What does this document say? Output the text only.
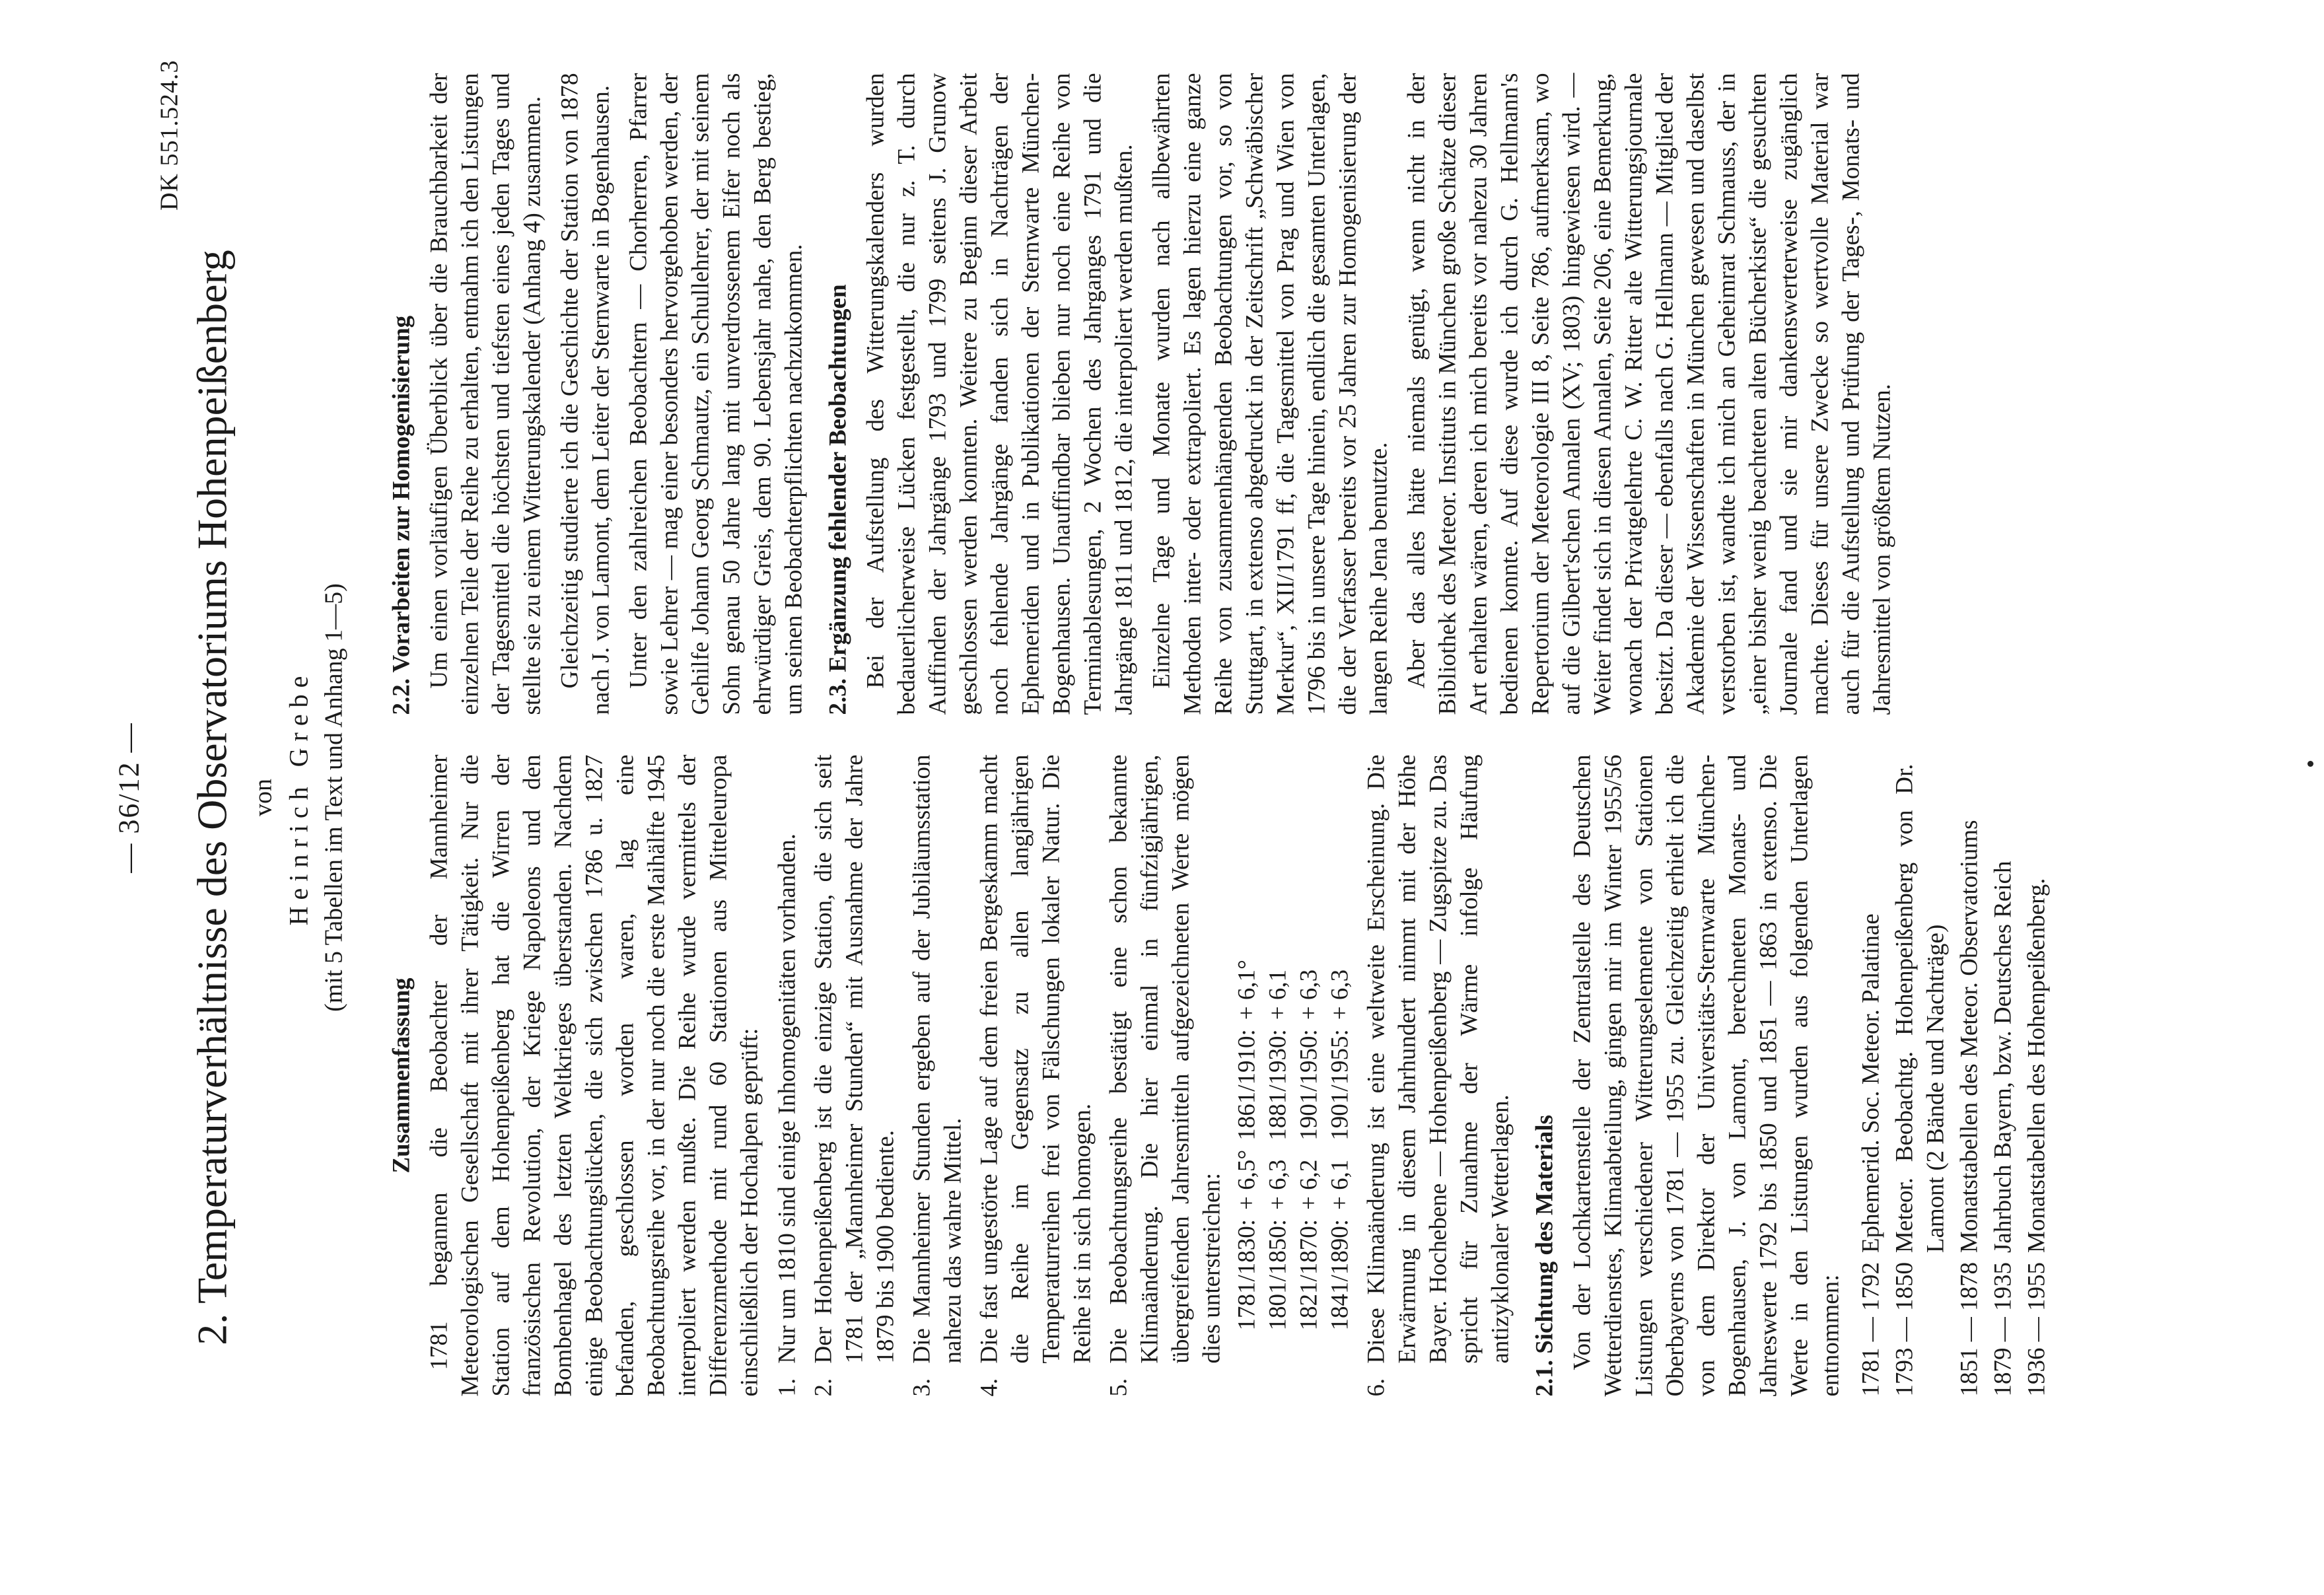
DK 551.524.3
— 36/12 — 2. Temperaturverhältnisse des Observatoriums Hohenpeißenberg von Heinrich Grebe (mit 5 Tabellen im Text und Anhang 1—5)
Zusammenfassung 1781 begannen die Beobachter der Mannheimer Meteorologischen Gesellschaft mit ihrer Tätigkeit. Nur die Station auf dem Hohenpeißenberg hat die Wirren der französischen Revolution, der Kriege Napoleons und den Bombenhagel des letzten Weltkrieges überstanden. Nachdem einige Beobachtungslücken, die sich zwischen 1786 u. 1827 befanden, geschlossen worden waren, lag eine Beobachtungsreihe vor, in der nur noch die erste Maihälfte 1945 interpoliert werden mußte. Die Reihe wurde vermittels der Differenzmethode mit rund 60 Stationen aus Mitteleuropa einschließlich der Hochalpen geprüft: 1.
Nur um 1810 sind einige Inhomogenitäten vorhanden.
2.
Der Hohenpeißenberg ist die einzige Station, die sich seit 1781 der „Mannheimer Stunden“ mit Ausnahme der Jahre 1879 bis 1900 bediente.
3.
Die Mannheimer Stunden ergeben auf der Jubiläumsstation nahezu das wahre Mittel.
4.
Die fast ungestörte Lage auf dem freien Bergeskamm macht die Reihe im Gegensatz zu allen langjährigen Temperaturreihen frei von Fälschungen lokaler Natur. Die Reihe ist in sich homogen.
5.
Die Beobachtungsreihe bestätigt eine schon bekannte Klimaänderung. Die hier einmal in fünfzigjährigen, übergreifenden Jahresmitteln aufgezeichneten Werte mögen dies unterstreichen: 1781/1830:	+ 6,5°	1861/1910:	+ 6,1°
1801/1850:	+ 6,3	1881/1930:	+ 6,1
1821/1870:	+ 6,2	1901/1950:	+ 6,3
1841/1890:	+ 6,1	1901/1955:	+ 6,3
6.
Diese Klimaänderung ist eine weltweite Erscheinung. Die Erwärmung in diesem Jahrhundert nimmt mit der Höhe Bayer. Hochebene — Hohenpeißenberg — Zugspitze zu. Das spricht für Zunahme der Wärme infolge Häufung antizyklonaler Wetterlagen. 2.1. Sichtung des Materials Von der Lochkartenstelle der Zentralstelle des Deutschen Wetterdienstes, Klimaabteilung, gingen mir im Winter 1955/56 Listungen verschiedener Witterungselemente von Stationen Oberbayerns von 1781 — 1955 zu. Gleichzeitig erhielt ich die von dem Direktor der Universitäts-Sternwarte München-Bogenhausen, J. von Lamont, berechneten Monats- und Jahreswerte 1792 bis 1850 und 1851 — 1863 in extenso. Die Werte in den Listungen wurden aus folgenden Unterlagen entnommen: 1781 — 1792	Ephemerid. Soc. Meteor. Palatinae
1793 — 1850	Meteor. Beobachtg. Hohenpeißenberg von Dr. Lamont (2 Bände und Nachträge)
1851 — 1878	Monatstabellen des Meteor. Observatoriums
1879 — 1935	Jahrbuch Bayern, bzw. Deutsches Reich
1936 — 1955	Monatstabellen des Hohenpeißenberg.
2.2. Vorarbeiten zur Homogenisierung Um einen vorläufigen Überblick über die Brauchbarkeit der einzelnen Teile der Reihe zu erhalten, entnahm ich den Listungen der Tagesmittel die höchsten und tiefsten eines jeden Tages und stellte sie zu einem Witterungskalender (Anhang 4) zusammen. Gleichzeitig studierte ich die Geschichte der Station von 1878 nach J. von Lamont, dem Leiter der Sternwarte in Bogenhausen. Unter den zahlreichen Beobachtern — Chorherren, Pfarrer sowie Lehrer — mag einer besonders hervorgehoben werden, der Gehilfe Johann Georg Schmautz, ein Schullehrer, der mit seinem Sohn genau 50 Jahre lang mit unverdrossenem Eifer noch als ehrwürdiger Greis, dem 90. Lebensjahr nahe, den Berg bestieg, um seinen Beobachterpflichten nachzukommen. 2.3. Ergänzung fehlender Beobachtungen Bei der Aufstellung des Witterungskalenders wurden bedauerlicherweise Lücken festgestellt, die nur z. T. durch Auffinden der Jahrgänge 1793 und 1799 seitens J. Grunow geschlossen werden konnten. Weitere zu Beginn dieser Arbeit noch fehlende Jahrgänge fanden sich in Nachträgen der Ephemeriden und in Publikationen der Sternwarte München-Bogenhausen. Unauffindbar blieben nur noch eine Reihe von Terminablesungen, 2 Wochen des Jahrganges 1791 und die Jahrgänge 1811 und 1812, die interpoliert werden mußten. Einzelne Tage und Monate wurden nach allbewährten Methoden inter- oder extrapoliert. Es lagen hierzu eine ganze Reihe von zusammenhängenden Beobachtungen vor, so von Stuttgart, in extenso abgedruckt in der Zeitschrift „Schwäbischer Merkur“, XII/1791 ff, die Tagesmittel von Prag und Wien von 1796 bis in unsere Tage hinein, endlich die gesamten Unterlagen, die der Verfasser bereits vor 25 Jahren zur Homogenisierung der langen Reihe Jena benutzte. Aber das alles hätte niemals genügt, wenn nicht in der Bibliothek des Meteor. Instituts in München große Schätze dieser Art erhalten wären, deren ich mich bereits vor nahezu 30 Jahren bedienen konnte. Auf diese wurde ich durch G. Hellmann's Repertorium der Meteorologie III 8, Seite 786, aufmerksam, wo auf die Gilbert'schen Annalen (XV; 1803) hingewiesen wird. — Weiter findet sich in diesen Annalen, Seite 206, eine Bemerkung, wonach der Privatgelehrte C. W. Ritter alte Witterungsjournale besitzt. Da dieser — ebenfalls nach G. Hellmann — Mitglied der Akademie der Wissenschaften in München gewesen und daselbst verstorben ist, wandte ich mich an Geheimrat Schmauss, der in „einer bisher wenig beachteten alten Bücherkiste“ die gesuchten Journale fand und sie mir dankenswerterweise zugänglich machte. Dieses für unsere Zwecke so wertvolle Material war auch für die Aufstellung und Prüfung der Tages-, Monats- und Jahresmittel von größtem Nutzen.
